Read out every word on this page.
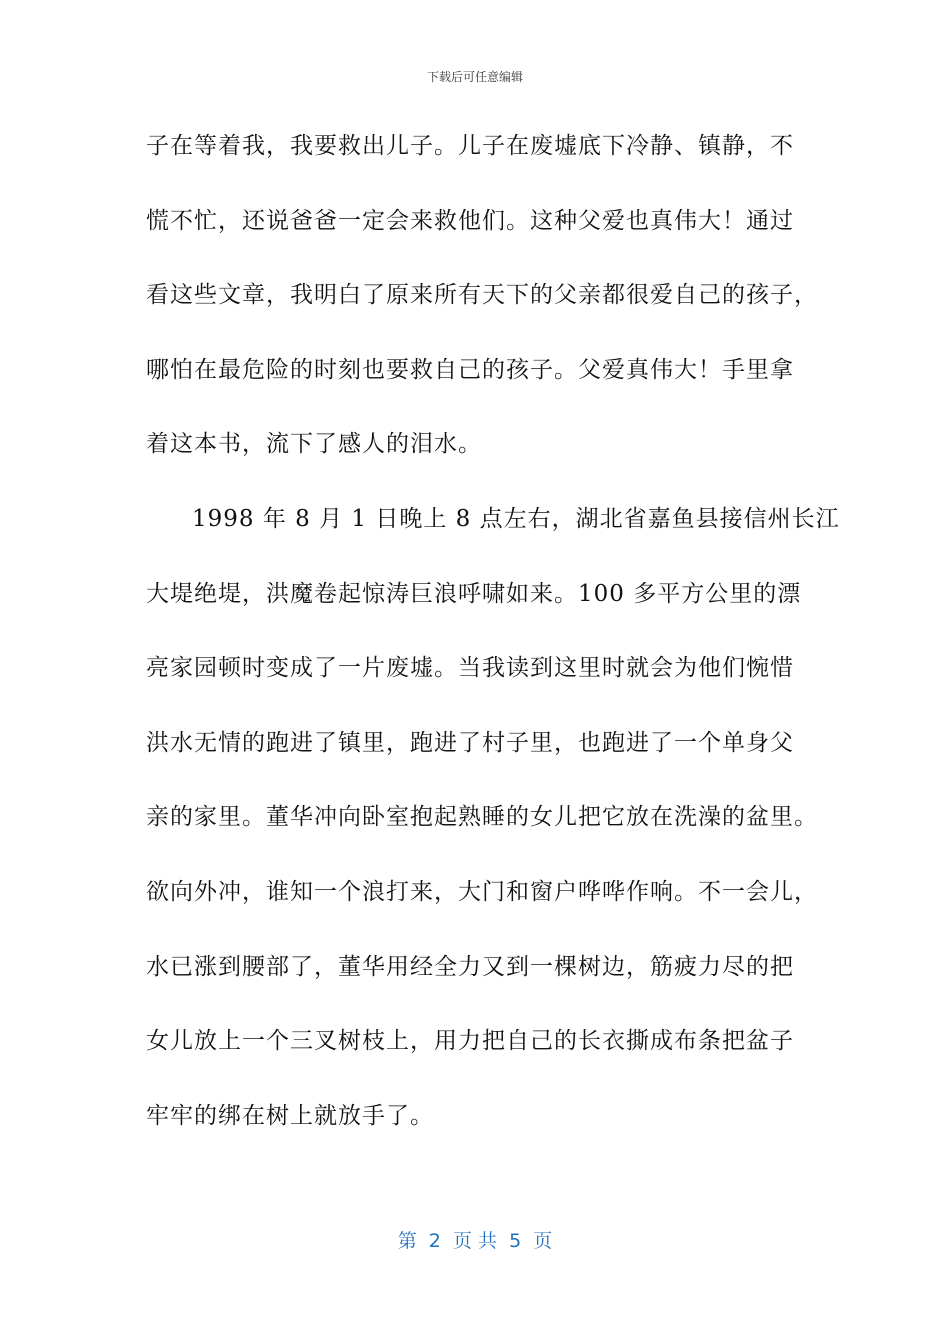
下载后可任意编辑
子在等着我，我要救出儿子。儿子在废墟底下冷静、镇静，不
慌不忙，还说爸爸一定会来救他们。这种父爱也真伟大！通过
看这些文章，我明白了原来所有天下的父亲都很爱自己的孩子，
哪怕在最危险的时刻也要救自己的孩子。父爱真伟大！手里拿
着这本书，流下了感人的泪水。
1998 年 8 月 1 日晚上 8 点左右，湖北省嘉鱼县接信州长江
大堤绝堤，洪魔卷起惊涛巨浪呼啸如来。100 多平方公里的漂
亮家园顿时变成了一片废墟。当我读到这里时就会为他们惋惜
洪水无情的跑进了镇里，跑进了村子里，也跑进了一个单身父
亲的家里。董华冲向卧室抱起熟睡的女儿把它放在洗澡的盆里。
欲向外冲，谁知一个浪打来，大门和窗户哗哗作响。不一会儿，
水已涨到腰部了，董华用经全力又到一棵树边，筋疲力尽的把
女儿放上一个三叉树枝上，用力把自己的长衣撕成布条把盆子
牢牢的绑在树上就放手了。
第  2  页 共  5  页
